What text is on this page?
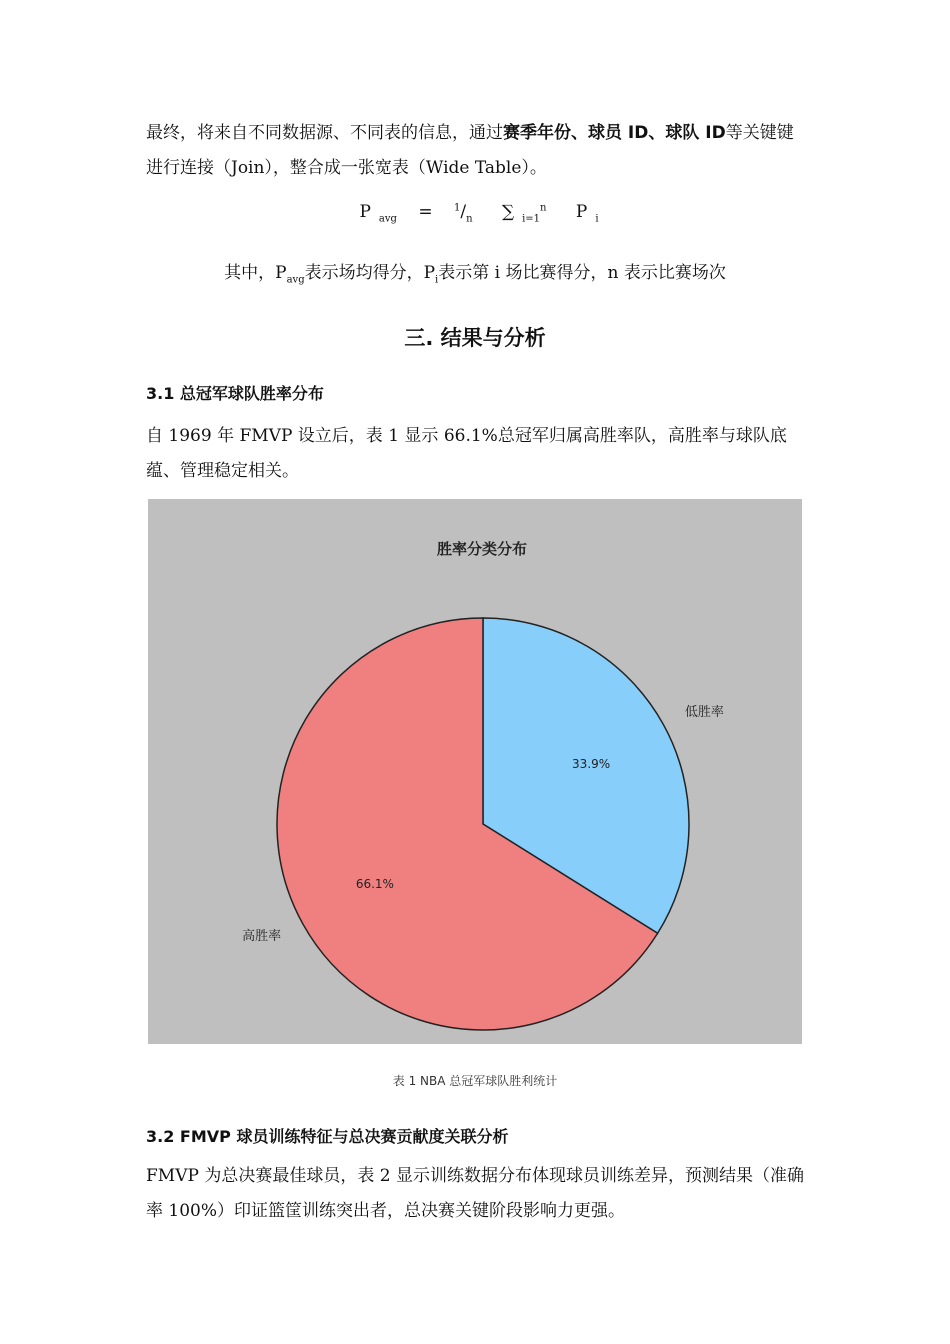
最终，将来自不同数据源、不同表的信息，通过赛季年份、球员 ID、球队 ID等关键键进行连接（Join），整合成一张宽表（Wide Table）。

P $_{avg} = ^1/_n$ ∑ $_{i=1}^n$ P $_i$
其中，$P_{avg}$表示场均得分，$P_i$表示第 i 场比赛得分，n 表示比赛场次
三. 结果与分析
3.1 总冠军球队胜率分布

自 1969 年 FMVP 设立后，表 1 显示 66.1%总冠军归属高胜率队，高胜率与球队底蕴、管理稳定相关。

胜率分类分布
33.9%
低胜率
66.1%
高胜率
表 1 NBA 总冠军球队胜利统计
3.2 FMVP 球员训练特征与总决赛贡献度关联分析

FMVP 为总决赛最佳球员，表 2 显示训练数据分布体现球员训练差异，预测结果（准确率 100%）印证篮筐训练突出者，总决赛关键阶段影响力更强。
